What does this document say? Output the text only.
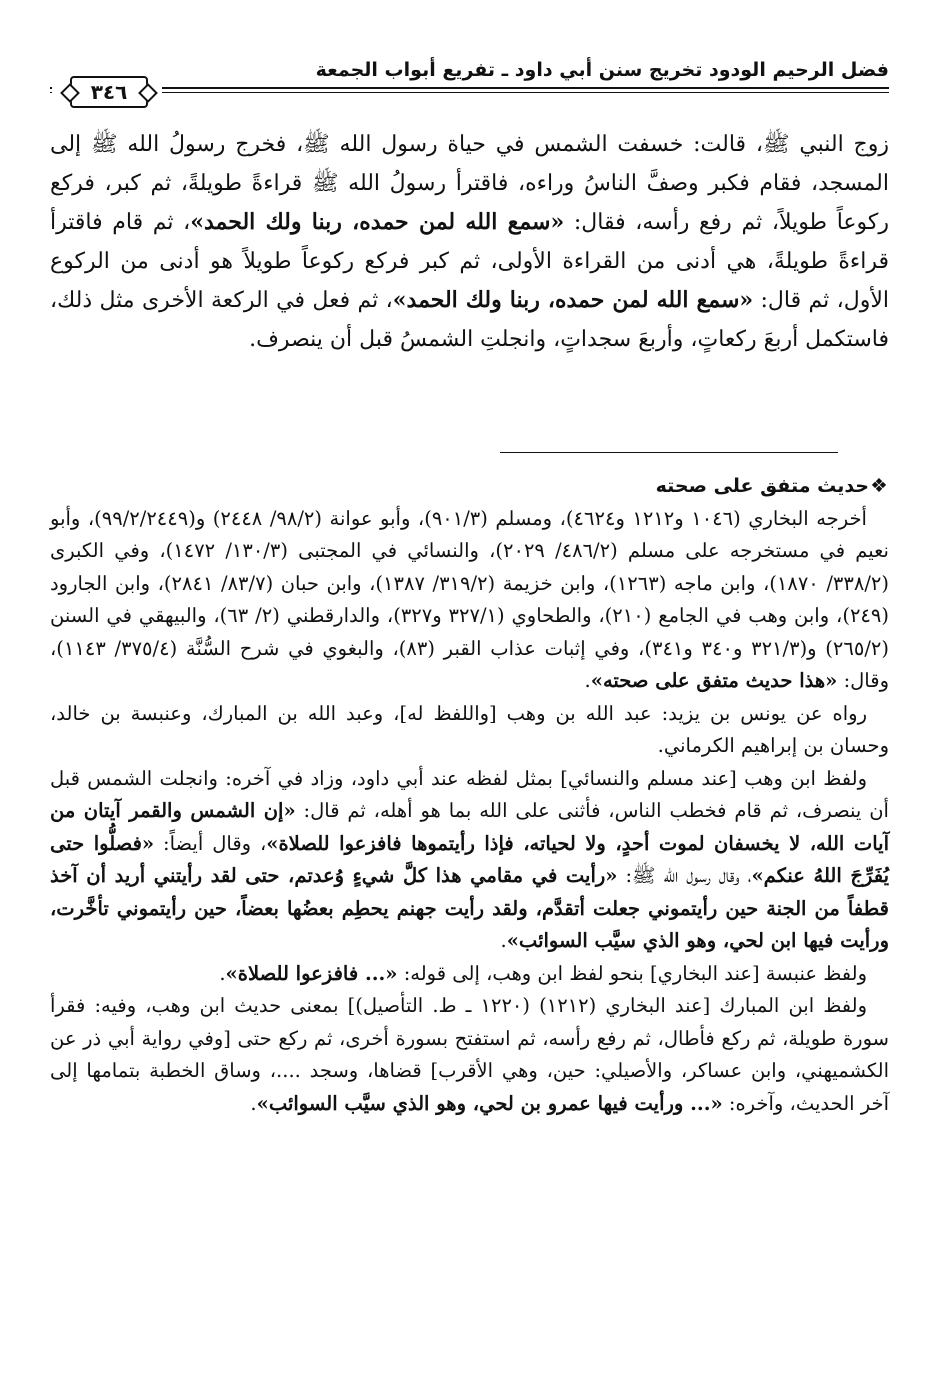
فضل الرحيم الودود تخريج سنن أبي داود ـ تفريع أبواب الجمعة
٣٤٦

زوج النبي ﷺ، قالت: خسفت الشمس في حياة رسول الله ﷺ، فخرج رسولُ الله ﷺ إلى المسجد، فقام فكبر وصفَّ الناسُ وراءه، فاقترأ رسولُ الله ﷺ قراءةً طويلةً، ثم كبر، فركع ركوعاً طويلاً، ثم رفع رأسه، فقال: «سمع الله لمن حمده، ربنا ولك الحمد»، ثم قام فاقترأ قراءةً طويلةً، هي أدنى من القراءة الأولى، ثم كبر فركع ركوعاً طويلاً هو أدنى من الركوع الأول، ثم قال: «سمع الله لمن حمده، ربنا ولك الحمد»، ثم فعل في الركعة الأخرى مثل ذلك، فاستكمل أربعَ ركعاتٍ، وأربعَ سجداتٍ، وانجلتِ الشمسُ قبل أن ينصرف.

❖حديث متفق على صحته

أخرجه البخاري (١٠٤٦ و١٢١٢ و٤٦٢٤)، ومسلم (٩٠١/٣)، وأبو عوانة (٩٨/٢/ ٢٤٤٨) و(٩٩/٢/٢٤٤٩)، وأبو نعيم في مستخرجه على مسلم (٤٨٦/٢/ ٢٠٢٩)، والنسائي في المجتبى (١٣٠/٣/ ١٤٧٢)، وفي الكبرى (٣٣٨/٢/ ١٨٧٠)، وابن ماجه (١٢٦٣)، وابن خزيمة (٣١٩/٢/ ١٣٨٧)، وابن حبان (٨٣/٧/ ٢٨٤١)، وابن الجارود (٢٤٩)، وابن وهب في الجامع (٢١٠)، والطحاوي (٣٢٧/١ و٣٢٧)، والدارقطني (٢/ ٦٣)، والبيهقي في السنن (٢٦٥/٢) و(٣٢١/٣ و٣٤٠ و٣٤١)، وفي إثبات عذاب القبر (٨٣)، والبغوي في شرح السُّنَّة (٣٧٥/٤/ ١١٤٣)، وقال: «هذا حديث متفق على صحته».

رواه عن يونس بن يزيد: عبد الله بن وهب [واللفظ له]، وعبد الله بن المبارك، وعنبسة بن خالد، وحسان بن إبراهيم الكرماني.

ولفظ ابن وهب [عند مسلم والنسائي] بمثل لفظه عند أبي داود، وزاد في آخره: وانجلت الشمس قبل أن ينصرف، ثم قام فخطب الناس، فأثنى على الله بما هو أهله، ثم قال: «إن الشمس والقمر آيتان من آيات الله، لا يخسفان لموت أحدٍ، ولا لحياته، فإذا رأيتموها فافزعوا للصلاة»، وقال أيضاً: «فصلُّوا حتى يُفَرِّجَ اللهُ عنكم»، وقال رسول الله ﷺ: «رأيت في مقامي هذا كلَّ شيءٍ وُعدتم، حتى لقد رأيتني أريد أن آخذ قطفاً من الجنة حين رأيتموني جعلت أتقدَّم، ولقد رأيت جهنم يحطِم بعضُها بعضاً، حين رأيتموني تأخَّرت، ورأيت فيها ابن لحي، وهو الذي سيَّب السوائب».

ولفظ عنبسة [عند البخاري] بنحو لفظ ابن وهب، إلى قوله: «... فافزعوا للصلاة».

ولفظ ابن المبارك [عند البخاري (١٢١٢) (١٢٢٠ ـ ط. التأصيل)] بمعنى حديث ابن وهب، وفيه: فقرأ سورة طويلة، ثم ركع فأطال، ثم رفع رأسه، ثم استفتح بسورة أخرى، ثم ركع حتى [وفي رواية أبي ذر عن الكشميهني، وابن عساكر، والأصيلي: حين، وهي الأقرب] قضاها، وسجد ....، وساق الخطبة بتمامها إلى آخر الحديث، وآخره: «... ورأيت فيها عمرو بن لحي، وهو الذي سيَّب السوائب».
